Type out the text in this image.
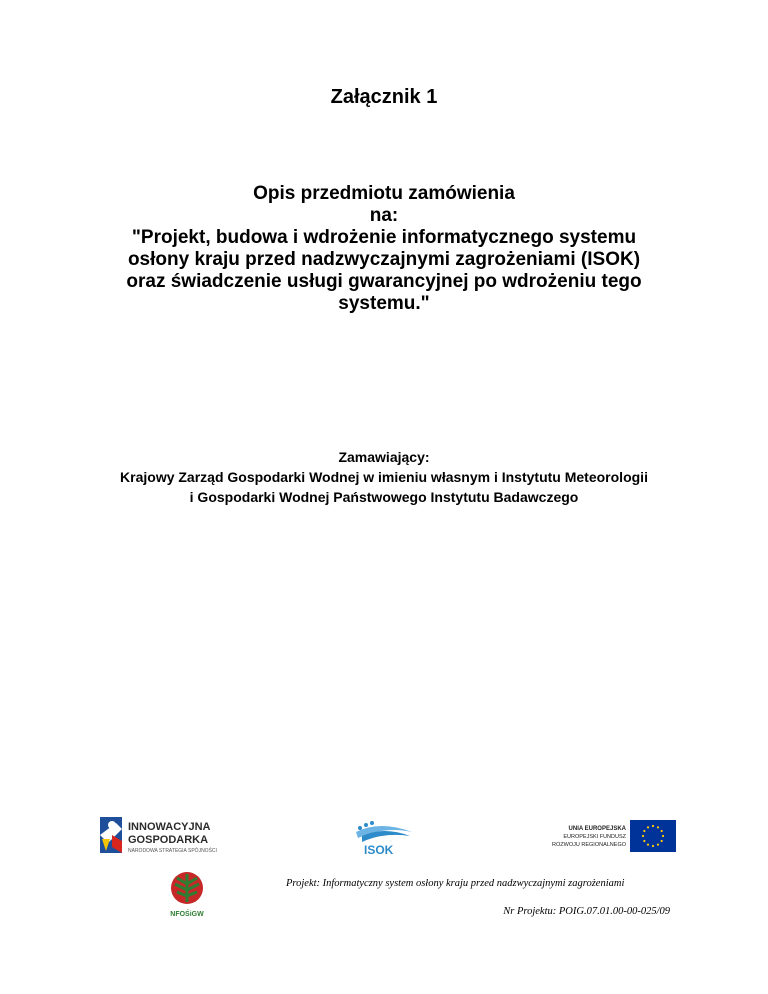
Załącznik 1
Opis przedmiotu zamówienia
na:
"Projekt, budowa i wdrożenie informatycznego systemu
osłony kraju przed nadzwyczajnymi zagrożeniami (ISOK)
oraz świadczenie usługi gwarancyjnej po wdrożeniu tego
systemu."
Zamawiający:
Krajowy Zarząd Gospodarki Wodnej w imieniu własnym i Instytutu Meteorologii
i Gospodarki Wodnej Państwowego Instytutu Badawczego
INNOWACYJNA
GOSPODARKA
NARODOWA STRATEGIA SPÓJNOŚCI	ISOK
UNIA EUROPEJSKA
EUROPEJSKI FUNDUSZ
ROZWOJU REGIONALNEGO
NFOŚiGW
Projekt: Informatyczny system osłony kraju przed nadzwyczajnymi zagrożeniami
Nr Projektu: POIG.07.01.00-00-025/09
